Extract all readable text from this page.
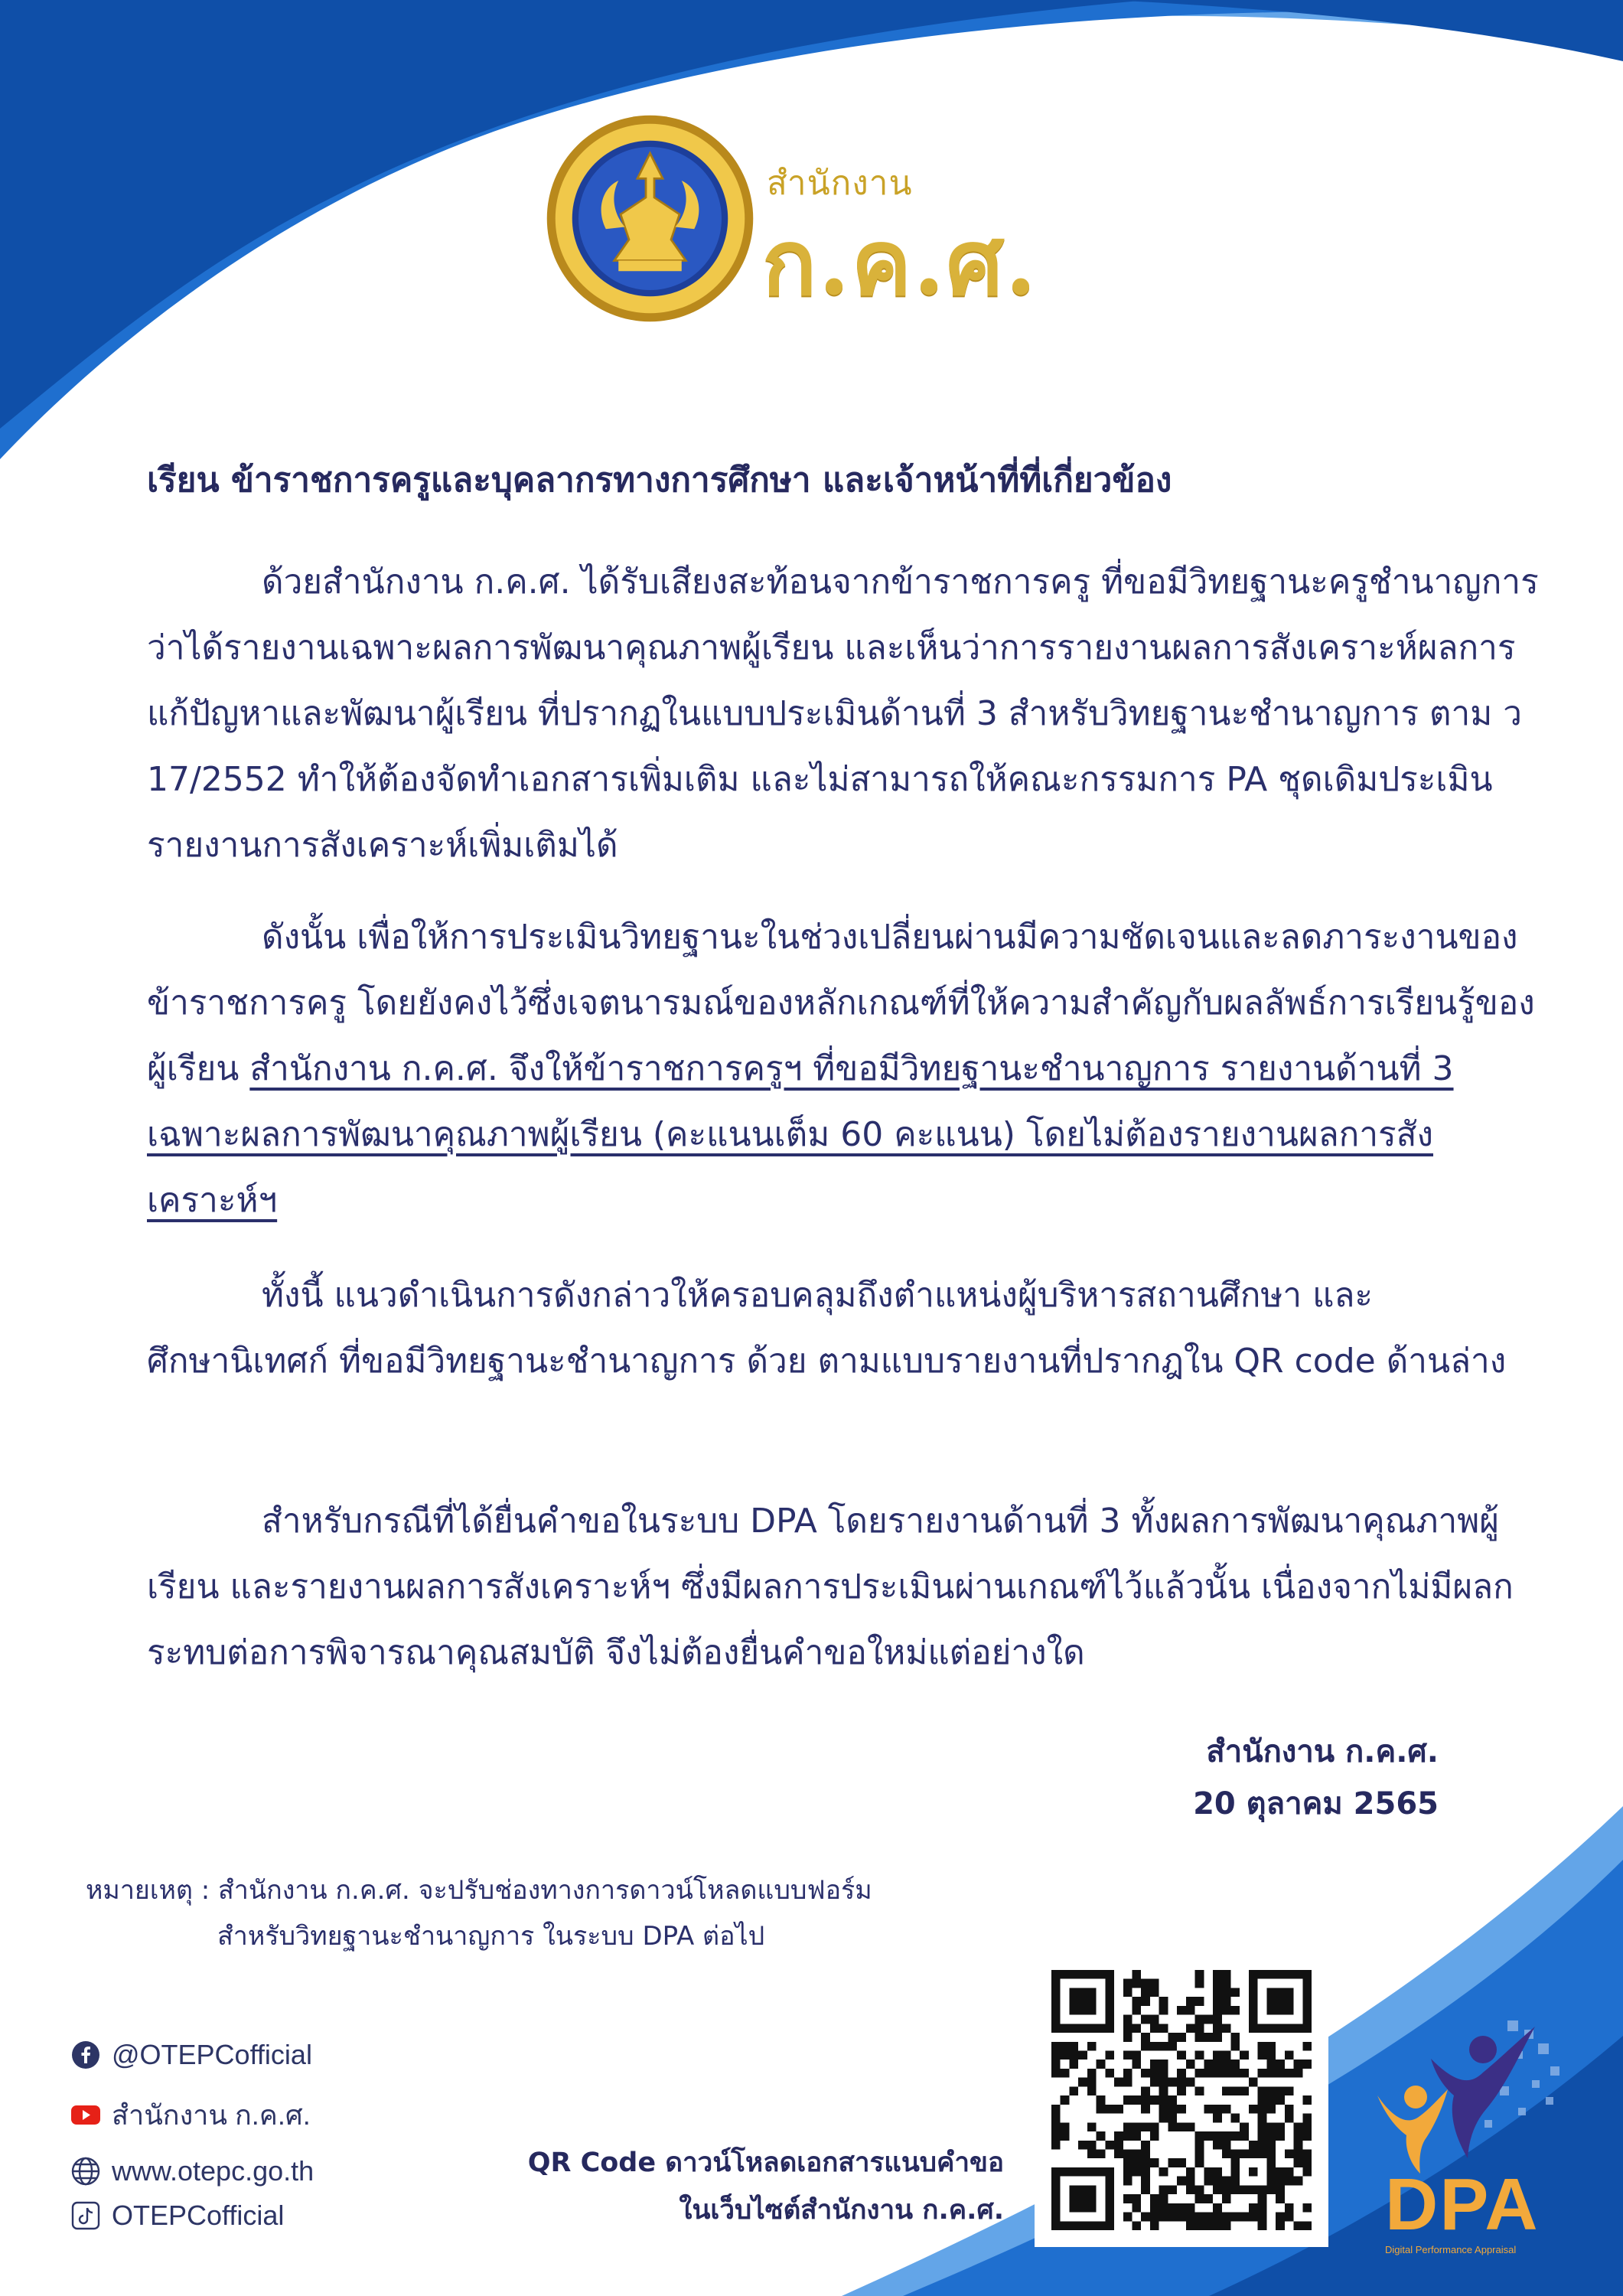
สำนักงาน
ก.ค.ศ.
เรียน ข้าราชการครูและบุคลากรทางการศึกษา และเจ้าหน้าที่ที่เกี่ยวข้อง

ด้วยสำนักงาน ก.ค.ศ. ได้รับเสียงสะท้อนจากข้าราชการครู ที่ขอมีวิทยฐานะครูชำนาญการ ว่าได้รายงานเฉพาะผลการพัฒนาคุณภาพผู้เรียน และเห็นว่าการรายงานผลการสังเคราะห์ผลการแก้ปัญหาและพัฒนาผู้เรียน ที่ปรากฏในแบบประเมินด้านที่ 3 สำหรับวิทยฐานะชำนาญการ ตาม ว 17/2552 ทำให้ต้องจัดทำเอกสารเพิ่มเติม และไม่สามารถให้คณะกรรมการ PA ชุดเดิมประเมินรายงานการสังเคราะห์เพิ่มเติมได้

ดังนั้น เพื่อให้การประเมินวิทยฐานะในช่วงเปลี่ยนผ่านมีความชัดเจนและลดภาระงานของข้าราชการครู โดยยังคงไว้ซึ่งเจตนารมณ์ของหลักเกณฑ์ที่ให้ความสำคัญกับผลลัพธ์การเรียนรู้ของผู้เรียน สำนักงาน ก.ค.ศ. จึงให้ข้าราชการครูฯ ที่ขอมีวิทยฐานะชำนาญการ รายงานด้านที่ 3 เฉพาะผลการพัฒนาคุณภาพผู้เรียน (คะแนนเต็ม 60 คะแนน) โดยไม่ต้องรายงานผลการสังเคราะห์ฯ

ทั้งนี้ แนวดำเนินการดังกล่าวให้ครอบคลุมถึงตำแหน่งผู้บริหารสถานศึกษา และศึกษานิเทศก์ ที่ขอมีวิทยฐานะชำนาญการ ด้วย ตามแบบรายงานที่ปรากฎใน QR code ด้านล่าง

สำหรับกรณีที่ได้ยื่นคำขอในระบบ DPA โดยรายงานด้านที่ 3 ทั้งผลการพัฒนาคุณภาพผู้เรียน และรายงานผลการสังเคราะห์ฯ ซึ่งมีผลการประเมินผ่านเกณฑ์ไว้แล้วนั้น เนื่องจากไม่มีผลกระทบต่อการพิจารณาคุณสมบัติ จึงไม่ต้องยื่นคำขอใหม่แต่อย่างใด

สำนักงาน ก.ค.ศ.
20 ตุลาคม 2565
หมายเหตุ : สำนักงาน ก.ค.ศ. จะปรับช่องทางการดาวน์โหลดแบบฟอร์ม
สำหรับวิทยฐานะชำนาญการ ในระบบ DPA ต่อไป
@OTEPCofficial
สำนักงาน ก.ค.ศ.
www.otepc.go.th
OTEPCofficial
QR Code ดาวน์โหลดเอกสารแนบคำขอ
ในเว็บไซต์สำนักงาน ก.ค.ศ.	DPA
Digital Performance Appraisal
